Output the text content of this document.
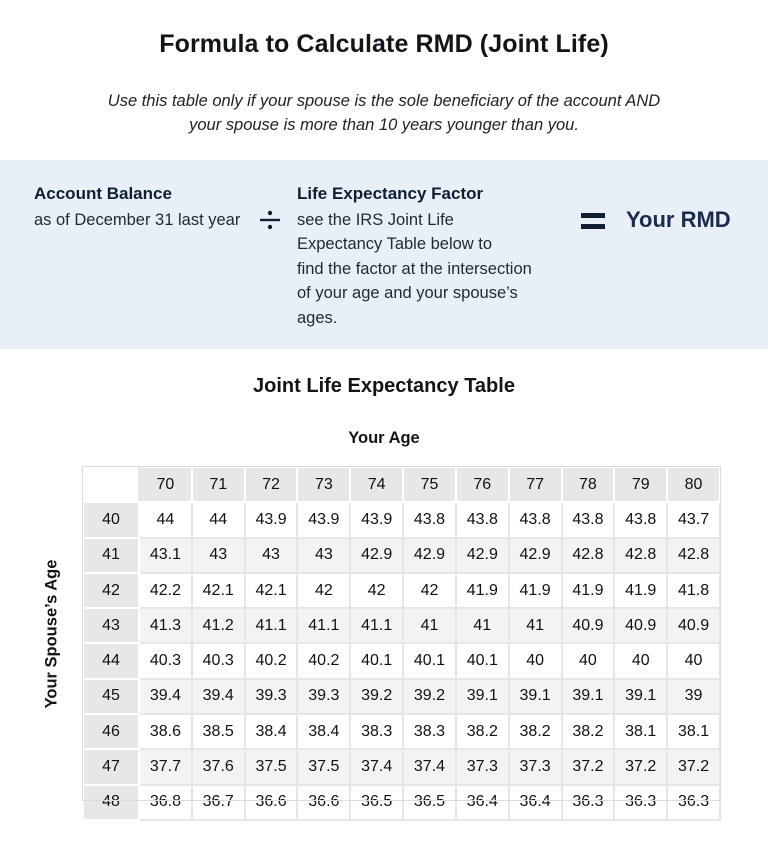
Formula to Calculate RMD (Joint Life)
Use this table only if your spouse is the sole beneficiary of the account AND
your spouse is more than 10 years younger than you.
Account Balance
as of December 31 last year
Life Expectancy Factor
see the IRS Joint Life
Expectancy Table below to
find the factor at the intersection
of your age and your spouse’s
ages.
Your RMD
Joint Life Expectancy Table
Your Age
Your Spouse’s Age
	70	71	72	73	74	75	76	77	78	79	80
40	44	44	43.9	43.9	43.9	43.8	43.8	43.8	43.8	43.8	43.7
41	43.1	43	43	43	42.9	42.9	42.9	42.9	42.8	42.8	42.8
42	42.2	42.1	42.1	42	42	42	41.9	41.9	41.9	41.9	41.8
43	41.3	41.2	41.1	41.1	41.1	41	41	41	40.9	40.9	40.9
44	40.3	40.3	40.2	40.2	40.1	40.1	40.1	40	40	40	40
45	39.4	39.4	39.3	39.3	39.2	39.2	39.1	39.1	39.1	39.1	39
46	38.6	38.5	38.4	38.4	38.3	38.3	38.2	38.2	38.2	38.1	38.1
47	37.7	37.6	37.5	37.5	37.4	37.4	37.3	37.3	37.2	37.2	37.2
48	36.8	36.7	36.6	36.6	36.5	36.5	36.4	36.4	36.3	36.3	36.3
